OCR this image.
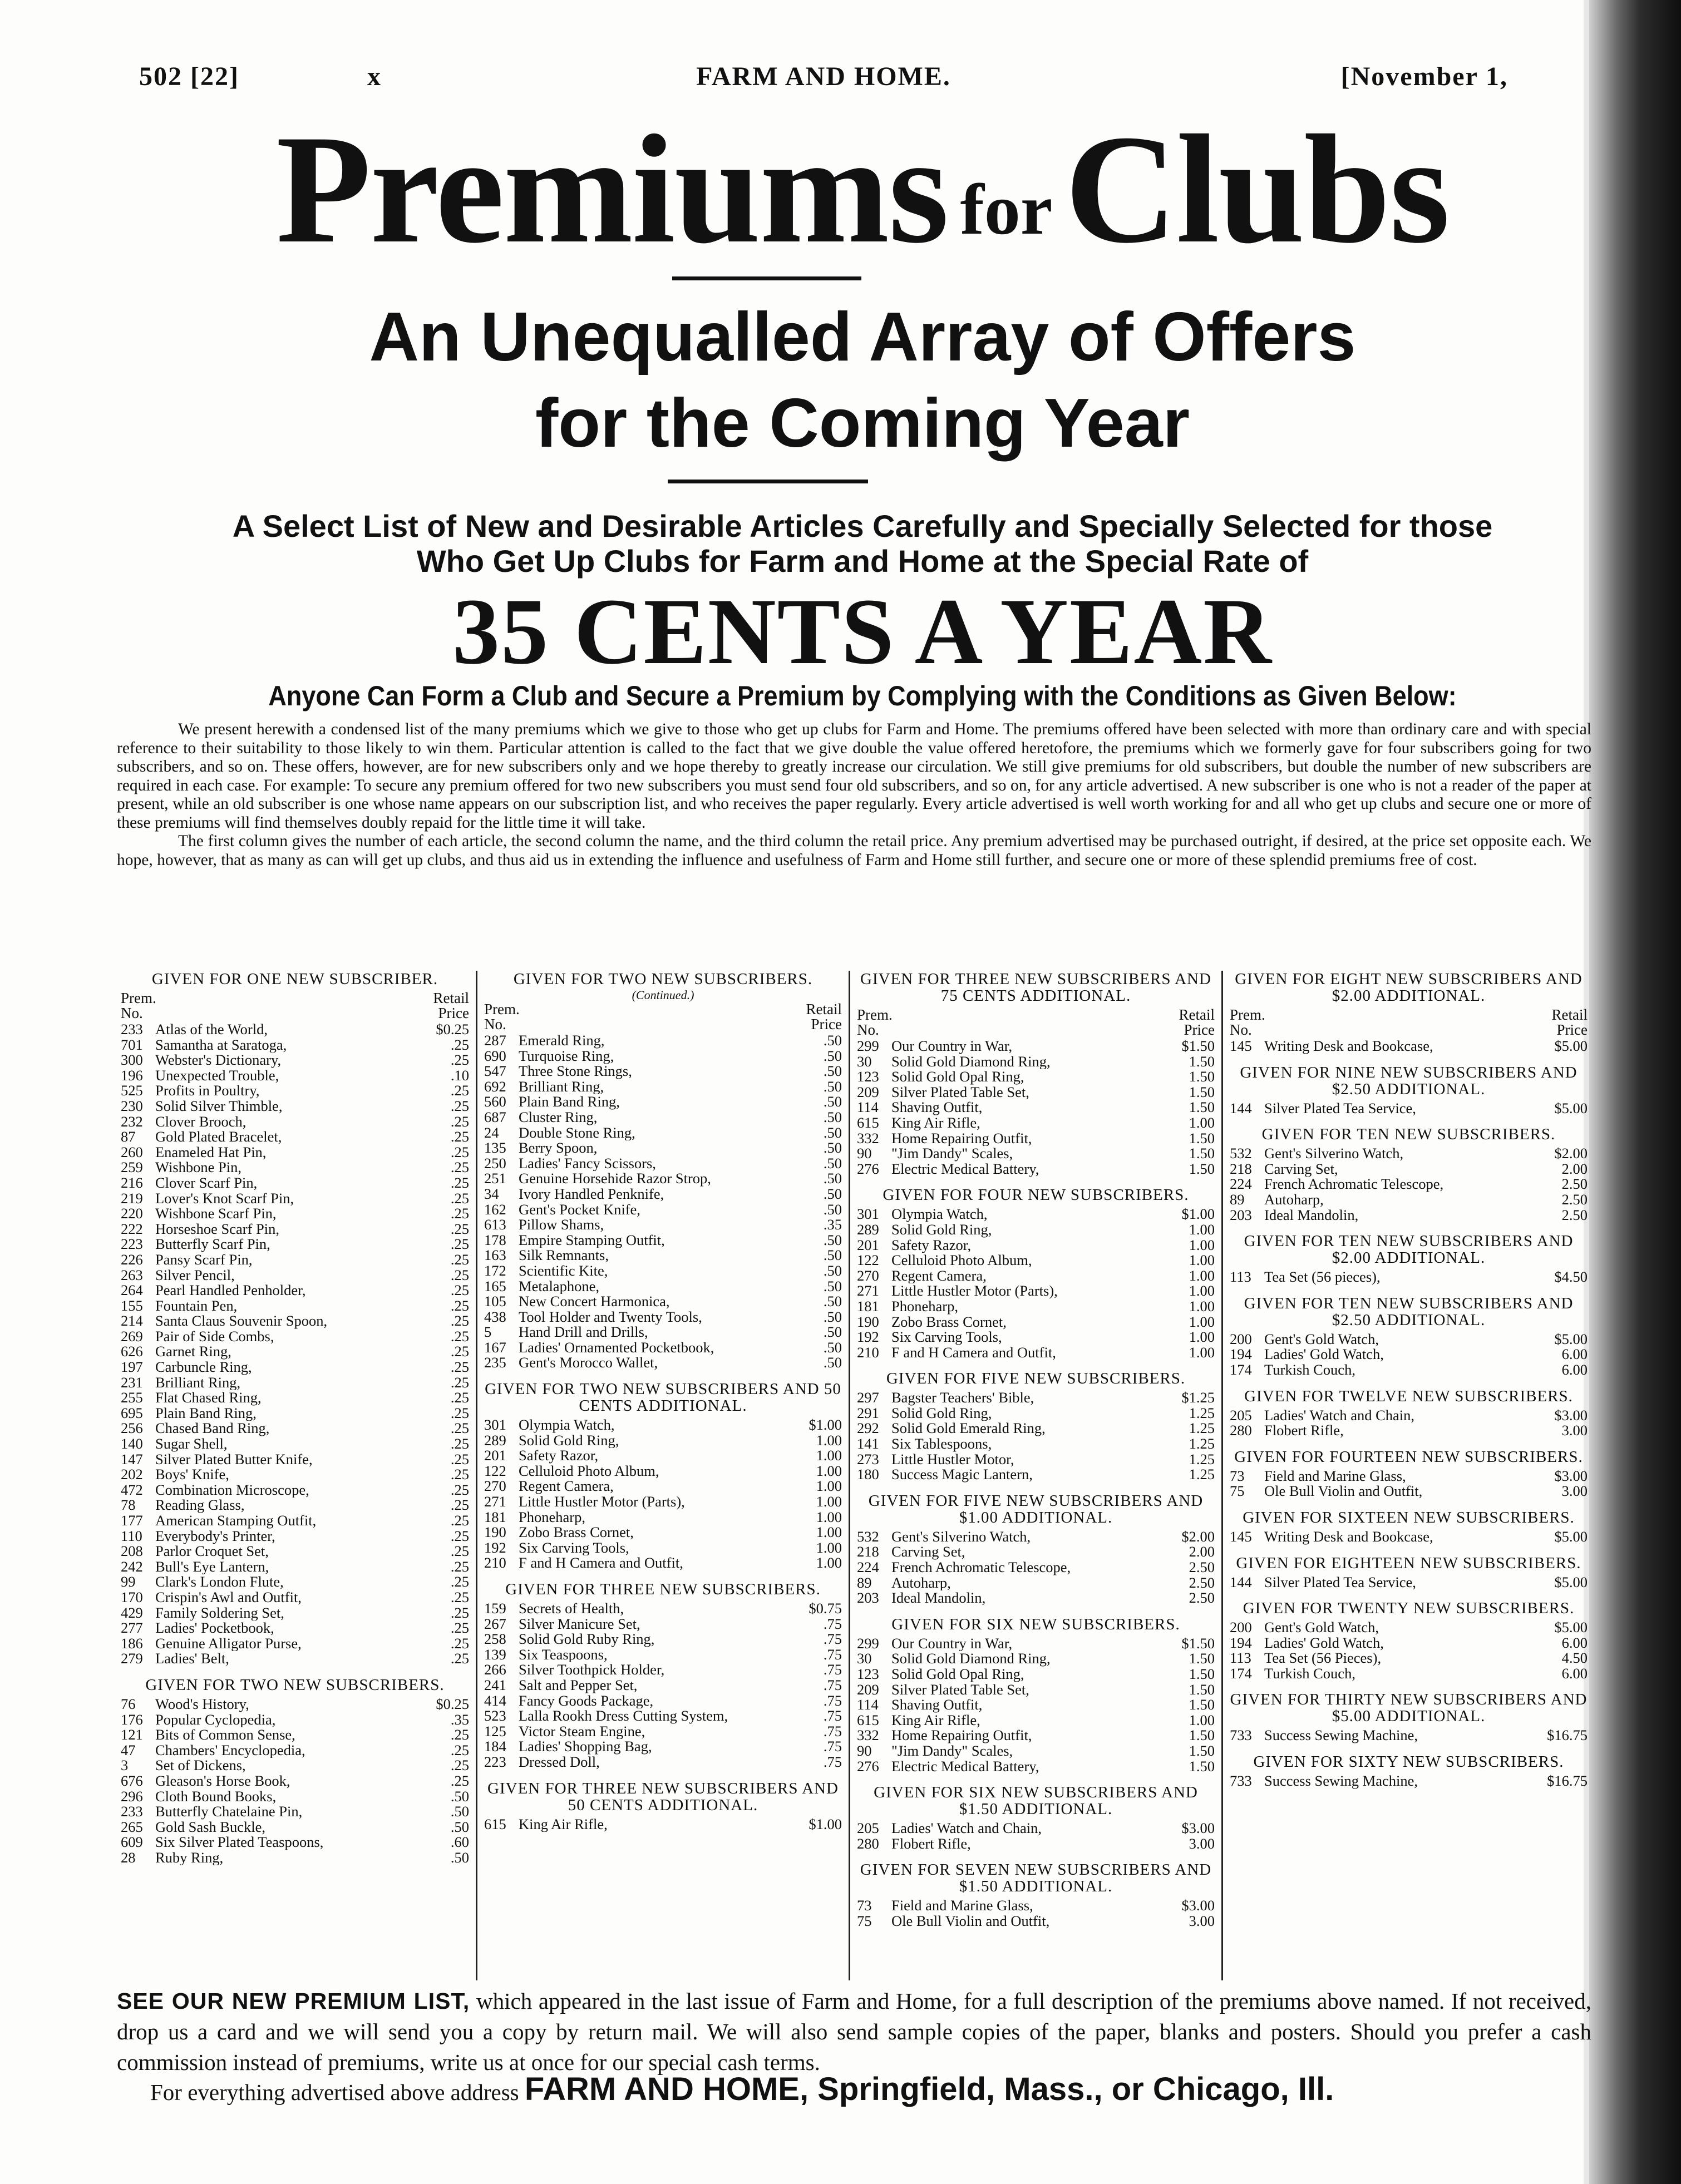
502 [22]	x	FARM AND HOME.	[November 1,
Premiums forClubs
An Unequalled Array of Offers
for the Coming Year
A Select List of New and Desirable Articles Carefully and Specially Selected for those
Who Get Up Clubs for Farm and Home at the Special Rate of
35 CENTS A YEAR
Anyone Can Form a Club and Secure a Premium by Complying with the Conditions as Given Below:

We present herewith a condensed list of the many premiums which we give to those who get up clubs for Farm and Home. The premiums offered have been selected with more than ordinary care and with special reference to their suitability to those likely to win them. Particular attention is called to the fact that we give double the value offered heretofore, the premiums which we formerly gave for four subscribers going for two subscribers, and so on. These offers, however, are for new subscribers only and we hope thereby to greatly increase our circulation. We still give premiums for old subscribers, but double the number of new subscribers are required in each case. For example: To secure any premium offered for two new subscribers you must send four old subscribers, and so on, for any article advertised. A new subscriber is one who is not a reader of the paper at present, while an old subscriber is one whose name appears on our subscription list, and who receives the paper regularly. Every article advertised is well worth working for and all who get up clubs and secure one or more of these premiums will find themselves doubly repaid for the little time it will take.

The first column gives the number of each article, the second column the name, and the third column the retail price. Any premium advertised may be purchased outright, if desired, at the price set opposite each. We hope, however, that as many as can will get up clubs, and thus aid us in extending the influence and usefulness of Farm and Home still further, and secure one or more of these splendid premiums free of cost.

GIVEN FOR ONE NEW SUBSCRIBER.
Prem.
No.
Retail
Price
233 Atlas of the World,	$0.25
701 Samantha at Saratoga,	.25
300 Webster's Dictionary,	.25
196 Unexpected Trouble,	.10
525 Profits in Poultry,	.25
230 Solid Silver Thimble,	.25
232 Clover Brooch,	.25
87	Gold Plated Bracelet,	.25
260 Enameled Hat Pin,	.25
259 Wishbone Pin,	.25
216 Clover Scarf Pin,	.25
219 Lover's Knot Scarf Pin,	.25
220 Wishbone Scarf Pin,	.25
222 Horseshoe Scarf Pin,	.25
223 Butterfly Scarf Pin,	.25
226 Pansy Scarf Pin,	.25
263 Silver Pencil,	.25
264 Pearl Handled Penholder,	.25
155 Fountain Pen,	.25
214 Santa Claus Souvenir Spoon,	.25
269 Pair of Side Combs,	.25
626 Garnet Ring,	.25
197 Carbuncle Ring,	.25
231 Brilliant Ring,	.25
255 Flat Chased Ring,	.25
695 Plain Band Ring,	.25
256 Chased Band Ring,	.25
140 Sugar Shell,	.25
147 Silver Plated Butter Knife,	.25
202 Boys' Knife,	.25
472 Combination Microscope,	.25
78	Reading Glass,	.25
177 American Stamping Outfit,	.25
110 Everybody's Printer,	.25
208 Parlor Croquet Set,	.25
242 Bull's Eye Lantern,	.25
99	Clark's London Flute,	.25
170 Crispin's Awl and Outfit,	.25
429 Family Soldering Set,	.25
277 Ladies' Pocketbook,	.25
186 Genuine Alligator Purse,	.25
279 Ladies' Belt,	.25
GIVEN FOR TWO NEW SUBSCRIBERS.
76	Wood's History,	$0.25
176 Popular Cyclopedia,	.35
121 Bits of Common Sense,	.25
47	Chambers' Encyclopedia,	.25
3	Set of Dickens,	.25
676 Gleason's Horse Book,	.25
296 Cloth Bound Books,	.50
233 Butterfly Chatelaine Pin,	.50
265 Gold Sash Buckle,	.50
609 Six Silver Plated Teaspoons,	.60
28	Ruby Ring,	.50
GIVEN FOR TWO NEW SUBSCRIBERS.
(Continued.)
Prem.
No.
Retail
Price
287 Emerald Ring,	.50
690 Turquoise Ring,	.50
547 Three Stone Rings,	.50
692 Brilliant Ring,	.50
560 Plain Band Ring,	.50
687 Cluster Ring,	.50
24	Double Stone Ring,	.50
135 Berry Spoon,	.50
250 Ladies' Fancy Scissors,	.50
251 Genuine Horsehide Razor Strop,	.50
34	Ivory Handled Penknife,	.50
162 Gent's Pocket Knife,	.50
613 Pillow Shams,	.35
178 Empire Stamping Outfit,	.50
163 Silk Remnants,	.50
172 Scientific Kite,	.50
165 Metalaphone,	.50
105 New Concert Harmonica,	.50
438 Tool Holder and Twenty Tools,	.50
5	Hand Drill and Drills,	.50
167 Ladies' Ornamented Pocketbook,	.50
235 Gent's Morocco Wallet,	.50
GIVEN FOR TWO NEW SUBSCRIBERS AND 50 CENTS ADDITIONAL.
301 Olympia Watch,	$1.00
289 Solid Gold Ring,	1.00
201 Safety Razor,	1.00
122 Celluloid Photo Album,	1.00
270 Regent Camera,	1.00
271 Little Hustler Motor (Parts),	1.00
181 Phoneharp,	1.00
190 Zobo Brass Cornet,	1.00
192 Six Carving Tools,	1.00
210 F and H Camera and Outfit,	1.00
GIVEN FOR THREE NEW SUBSCRIBERS.
159 Secrets of Health,	$0.75
267 Silver Manicure Set,	.75
258 Solid Gold Ruby Ring,	.75
139 Six Teaspoons,	.75
266 Silver Toothpick Holder,	.75
241 Salt and Pepper Set,	.75
414 Fancy Goods Package,	.75
523 Lalla Rookh Dress Cutting System,	.75
125 Victor Steam Engine,	.75
184 Ladies' Shopping Bag,	.75
223 Dressed Doll,	.75
GIVEN FOR THREE NEW SUBSCRIBERS AND 50 CENTS ADDITIONAL.
615 King Air Rifle,	$1.00
GIVEN FOR THREE NEW SUBSCRIBERS AND 75 CENTS ADDITIONAL.
Prem.
No.
Retail
Price
299 Our Country in War,	$1.50
30	Solid Gold Diamond Ring,	1.50
123 Solid Gold Opal Ring,	1.50
209 Silver Plated Table Set,	1.50
114 Shaving Outfit,	1.50
615 King Air Rifle,	1.00
332 Home Repairing Outfit,	1.50
90	"Jim Dandy" Scales,	1.50
276 Electric Medical Battery,	1.50
GIVEN FOR FOUR NEW SUBSCRIBERS.
301 Olympia Watch,	$1.00
289 Solid Gold Ring,	1.00
201 Safety Razor,	1.00
122 Celluloid Photo Album,	1.00
270 Regent Camera,	1.00
271 Little Hustler Motor (Parts),	1.00
181 Phoneharp,	1.00
190 Zobo Brass Cornet,	1.00
192 Six Carving Tools,	1.00
210 F and H Camera and Outfit,	1.00
GIVEN FOR FIVE NEW SUBSCRIBERS.
297 Bagster Teachers' Bible,	$1.25
291 Solid Gold Ring,	1.25
292 Solid Gold Emerald Ring,	1.25
141 Six Tablespoons,	1.25
273 Little Hustler Motor,	1.25
180 Success Magic Lantern,	1.25
GIVEN FOR FIVE NEW SUBSCRIBERS AND $1.00 ADDITIONAL.
532 Gent's Silverino Watch,	$2.00
218 Carving Set,	2.00
224 French Achromatic Telescope,	2.50
89	Autoharp,	2.50
203 Ideal Mandolin,	2.50
GIVEN FOR SIX NEW SUBSCRIBERS.
299 Our Country in War,	$1.50
30	Solid Gold Diamond Ring,	1.50
123 Solid Gold Opal Ring,	1.50
209 Silver Plated Table Set,	1.50
114 Shaving Outfit,	1.50
615 King Air Rifle,	1.00
332 Home Repairing Outfit,	1.50
90	"Jim Dandy" Scales,	1.50
276 Electric Medical Battery,	1.50
GIVEN FOR SIX NEW SUBSCRIBERS AND $1.50 ADDITIONAL.
205 Ladies' Watch and Chain,	$3.00
280 Flobert Rifle,	3.00
GIVEN FOR SEVEN NEW SUBSCRIBERS AND $1.50 ADDITIONAL.
73	Field and Marine Glass,	$3.00
75	Ole Bull Violin and Outfit,	3.00
GIVEN FOR EIGHT NEW SUBSCRIBERS AND $2.00 ADDITIONAL.
Prem.
No.
Retail
Price
145 Writing Desk and Bookcase,	$5.00
GIVEN FOR NINE NEW SUBSCRIBERS AND $2.50 ADDITIONAL.
144 Silver Plated Tea Service,	$5.00
GIVEN FOR TEN NEW SUBSCRIBERS.
532 Gent's Silverino Watch,	$2.00
218 Carving Set,	2.00
224 French Achromatic Telescope,	2.50
89	Autoharp,	2.50
203 Ideal Mandolin,	2.50
GIVEN FOR TEN NEW SUBSCRIBERS AND $2.00 ADDITIONAL.
113 Tea Set (56 pieces),	$4.50
GIVEN FOR TEN NEW SUBSCRIBERS AND $2.50 ADDITIONAL.
200 Gent's Gold Watch,	$5.00
194 Ladies' Gold Watch,	6.00
174 Turkish Couch,	6.00
GIVEN FOR TWELVE NEW SUBSCRIBERS.
205 Ladies' Watch and Chain,	$3.00
280 Flobert Rifle,	3.00
GIVEN FOR FOURTEEN NEW SUBSCRIBERS.
73	Field and Marine Glass,	$3.00
75	Ole Bull Violin and Outfit,	3.00
GIVEN FOR SIXTEEN NEW SUBSCRIBERS.
145 Writing Desk and Bookcase,	$5.00
GIVEN FOR EIGHTEEN NEW SUBSCRIBERS.
144 Silver Plated Tea Service,	$5.00
GIVEN FOR TWENTY NEW SUBSCRIBERS.
200 Gent's Gold Watch,	$5.00
194 Ladies' Gold Watch,	6.00
113 Tea Set (56 Pieces),	4.50
174 Turkish Couch,	6.00
GIVEN FOR THIRTY NEW SUBSCRIBERS AND $5.00 ADDITIONAL.
733 Success Sewing Machine,	$16.75
GIVEN FOR SIXTY NEW SUBSCRIBERS.
733 Success Sewing Machine,	$16.75
SEE OUR NEW PREMIUM LIST, which appeared in the last issue of Farm and Home, for a full description of the premiums above named. If not received, drop us a card and we will send you a copy by return mail. We will also send sample copies of the paper, blanks and posters. Should you prefer a cash commission instead of premiums, write us at once for our special cash terms.
For everything advertised above address FARM AND HOME, Springfield, Mass., or Chicago, Ill.
